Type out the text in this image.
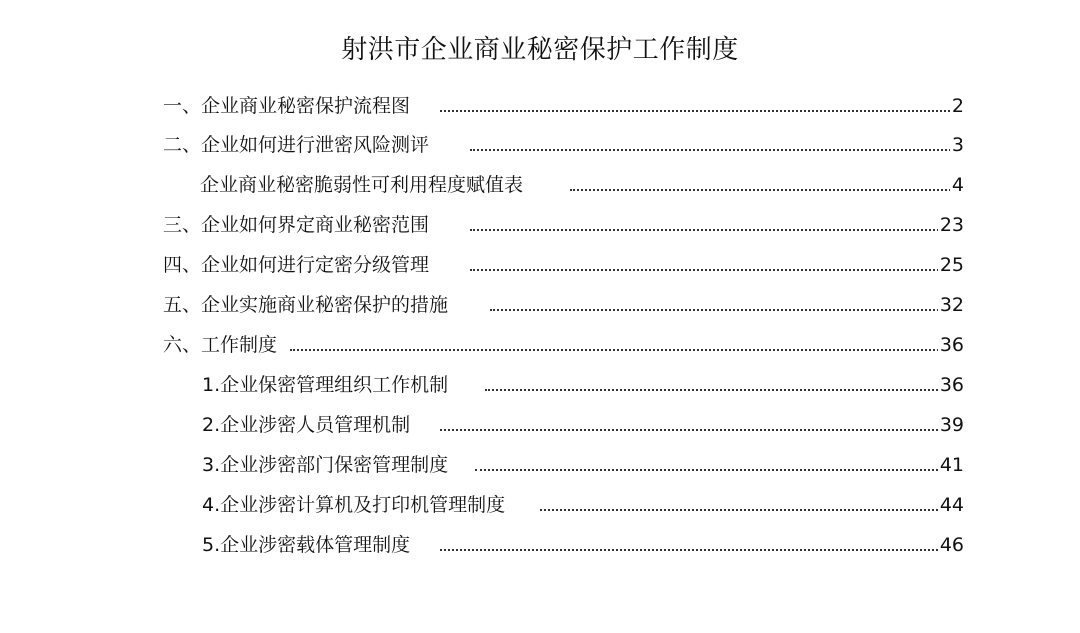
射洪市企业商业秘密保护工作制度
一、企业商业秘密保护流程图	2
二、企业如何进行泄密风险测评	3
企业商业秘密脆弱性可利用程度赋值表	4
三、企业如何界定商业秘密范围	23
四、企业如何进行定密分级管理	25
五、企业实施商业秘密保护的措施	32
六、工作制度	36
1.企业保密管理组织工作机制	36
2.企业涉密人员管理机制	39
3.企业涉密部门保密管理制度	41
4.企业涉密计算机及打印机管理制度	44
5.企业涉密载体管理制度	46
